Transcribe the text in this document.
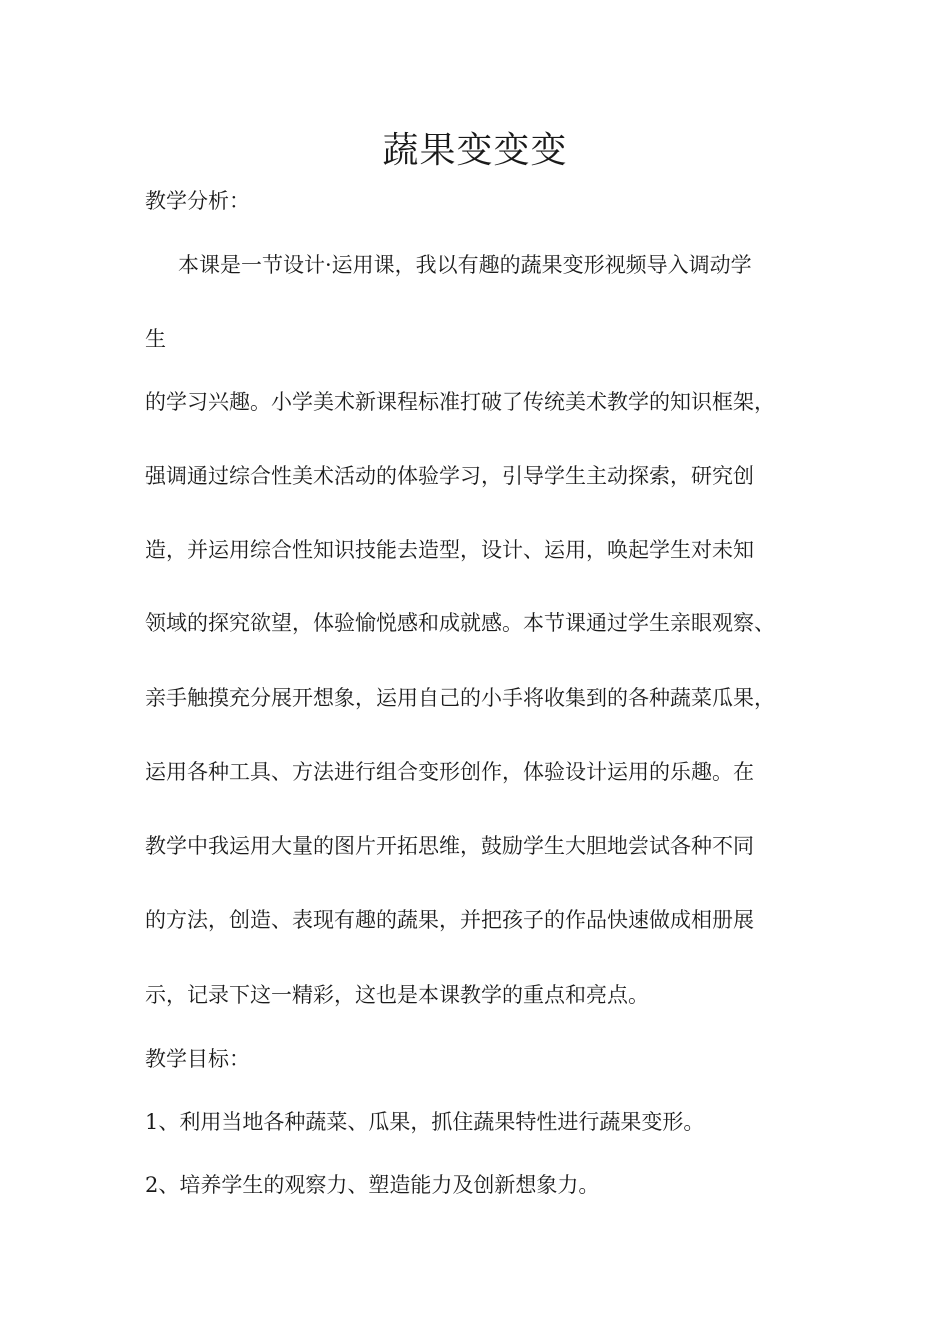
蔬果变变变
教学分析：
本课是一节设计·运用课，我以有趣的蔬果变形视频导入调动学
生
的学习兴趣。小学美术新课程标准打破了传统美术教学的知识框架，
强调通过综合性美术活动的体验学习，引导学生主动探索，研究创
造，并运用综合性知识技能去造型，设计、运用，唤起学生对未知
领域的探究欲望，体验愉悦感和成就感。本节课通过学生亲眼观察、
亲手触摸充分展开想象，运用自己的小手将收集到的各种蔬菜瓜果，
运用各种工具、方法进行组合变形创作，体验设计运用的乐趣。在
教学中我运用大量的图片开拓思维，鼓励学生大胆地尝试各种不同
的方法，创造、表现有趣的蔬果，并把孩子的作品快速做成相册展
示，记录下这一精彩，这也是本课教学的重点和亮点。
教学目标：
1、利用当地各种蔬菜、瓜果，抓住蔬果特性进行蔬果变形。
2、培养学生的观察力、塑造能力及创新想象力。
